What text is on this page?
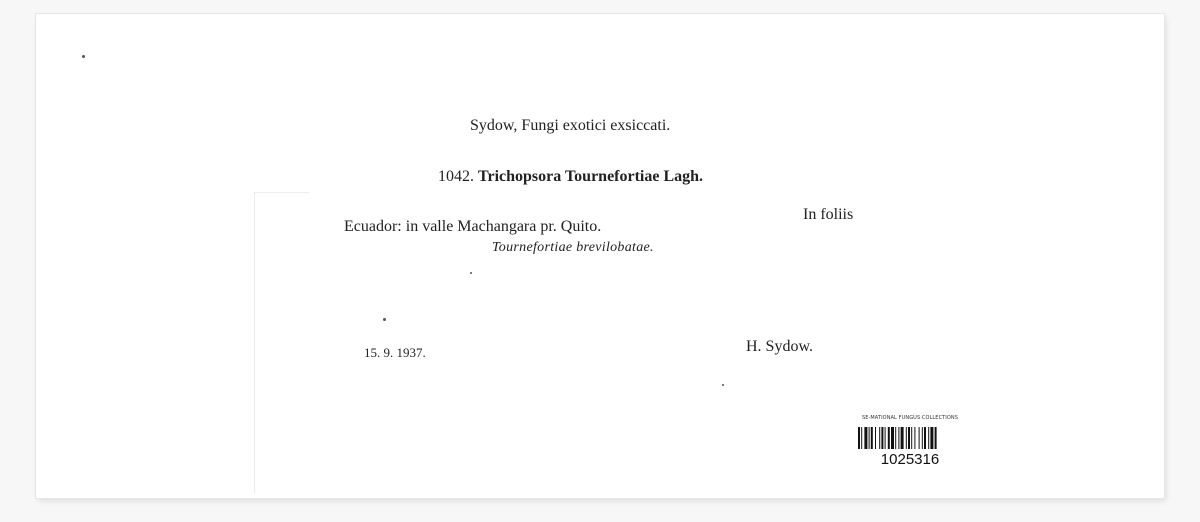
Sydow, Fungi exotici exsiccati.
1042. Trichopsora Tournefortiae Lagh.
Ecuador: in valle Machangara pr. Quito.
In foliis
Tournefortiae brevilobatae.
15. 9. 1937.	H. Sydow.
SE-MATIONAL FUNGUS COLLECTIONS
1025316
